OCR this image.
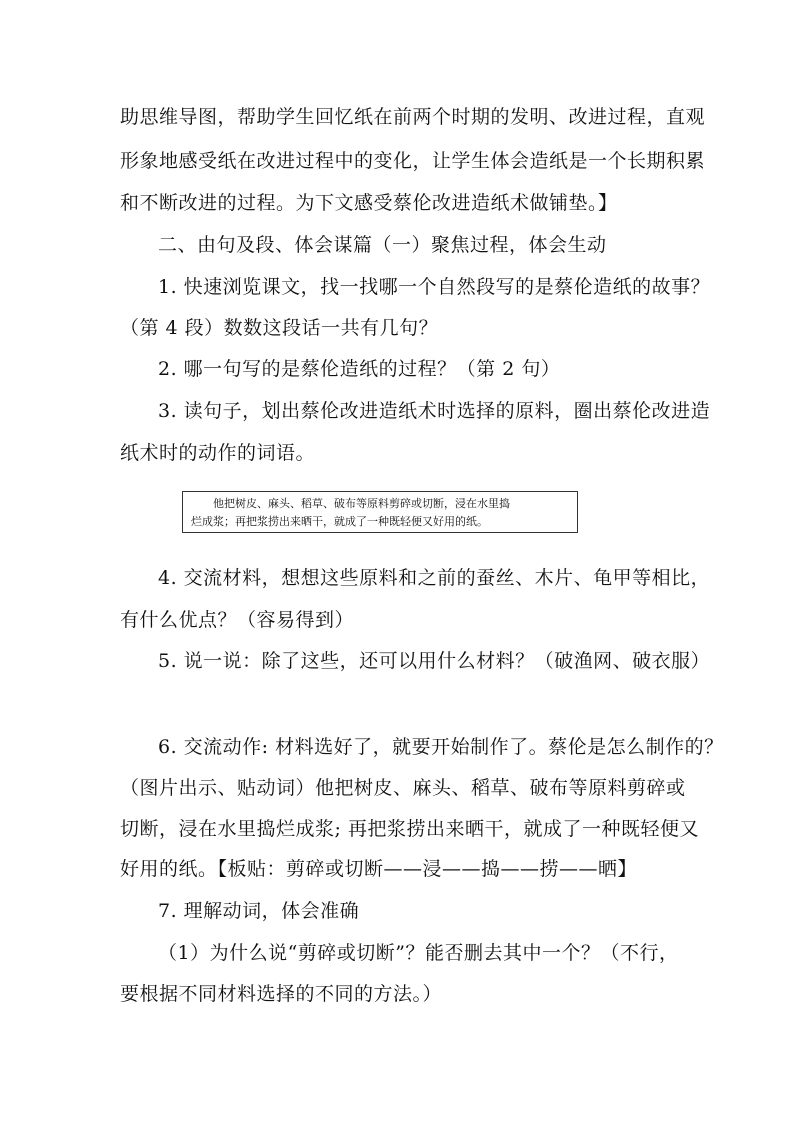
助思维导图，帮助学生回忆纸在前两个时期的发明、改进过程，直观
形象地感受纸在改进过程中的变化，让学生体会造纸是一个长期积累
和不断改进的过程。为下文感受蔡伦改进造纸术做铺垫。】
二、由句及段、体会谋篇（一）聚焦过程，体会生动
1. 快速浏览课文，找一找哪一个自然段写的是蔡伦造纸的故事？
（第 4 段）数数这段话一共有几句？
2. 哪一句写的是蔡伦造纸的过程？（第 2 句）
3. 读句子，划出蔡伦改进造纸术时选择的原料，圈出蔡伦改进造
纸术时的动作的词语。
他把树皮、麻头、稻草、破布等原料剪碎或切断，浸在水里捣
烂成浆；再把浆捞出来晒干，就成了一种既轻便又好用的纸。
4. 交流材料，想想这些原料和之前的蚕丝、木片、龟甲等相比，
有什么优点？（容易得到）
5. 说一说：除了这些，还可以用什么材料？（破渔网、破衣服）
6. 交流动作: 材料选好了，就要开始制作了。蔡伦是怎么制作的？
（图片出示、贴动词）他把树皮、麻头、稻草、破布等原料剪碎或
切断，浸在水里捣烂成浆; 再把浆捞出来晒干，就成了一种既轻便又
好用的纸。【板贴：剪碎或切断——浸——捣——捞——晒】
7. 理解动词，体会准确
（1）为什么说“剪碎或切断”？能否删去其中一个？（不行，
要根据不同材料选择的不同的方法。）
